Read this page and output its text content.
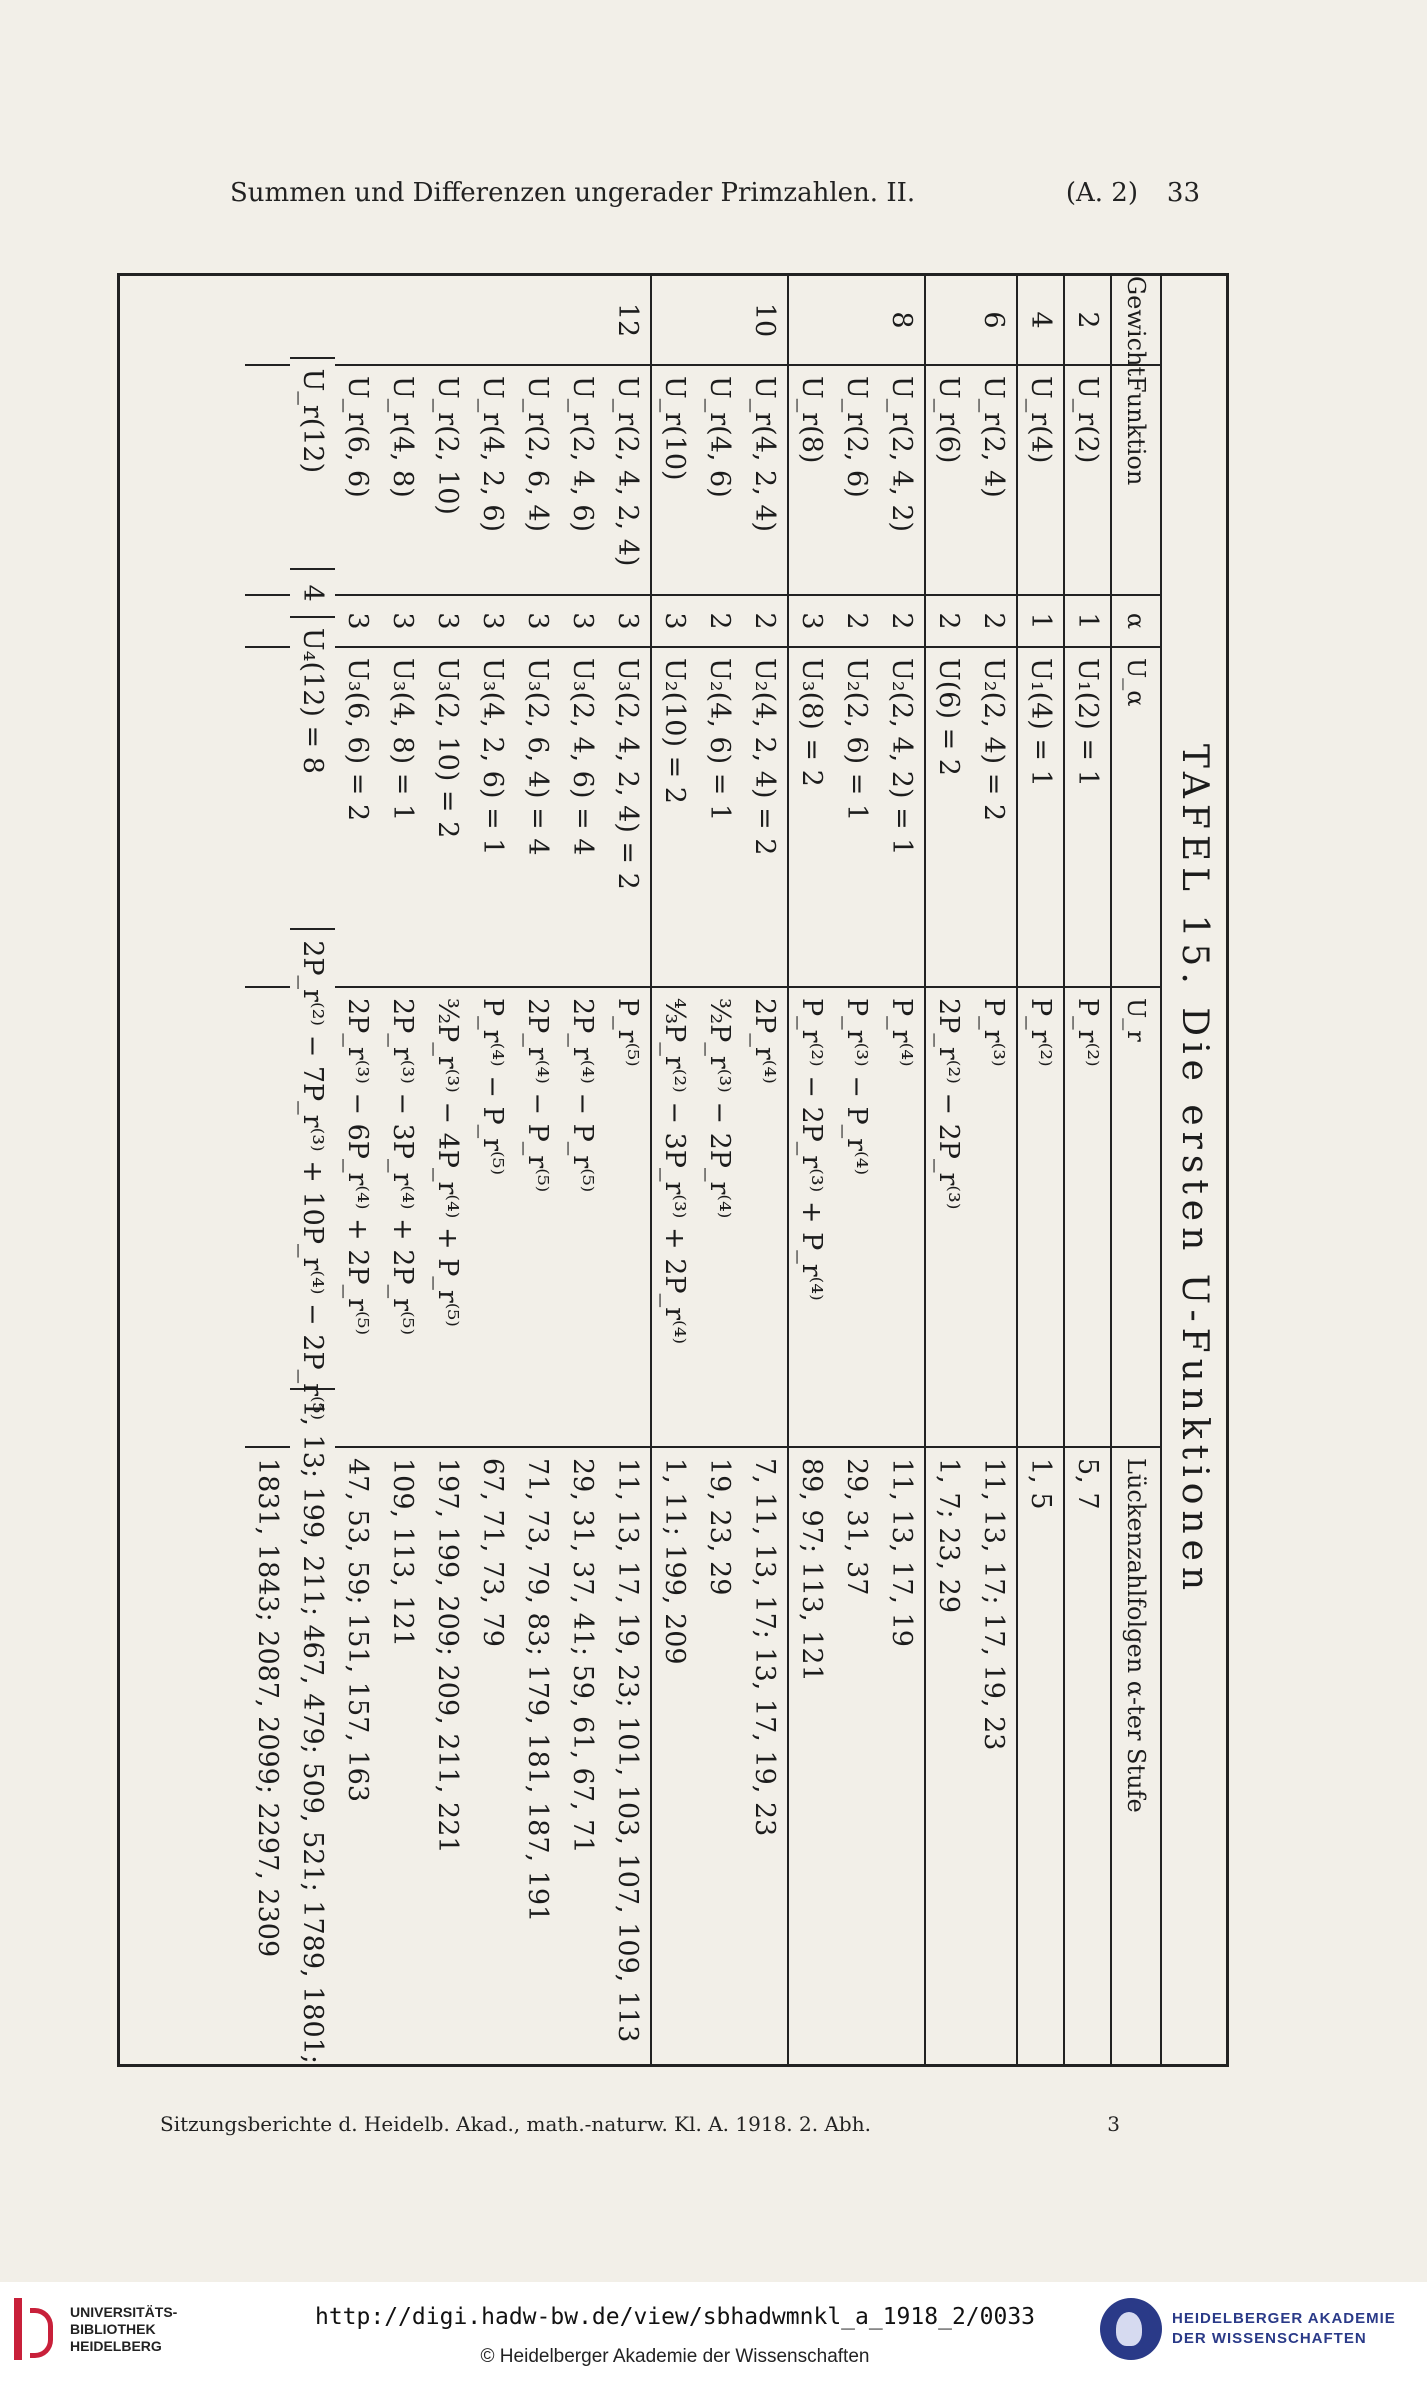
Summen und Differenzen ungerader Primzahlen. II.	(A. 2) 33
TAFEL 15. Die ersten U-Funktionen
Gewicht
Funktion
α
U_α
U_r
Lückenzahlfolgen α-ter Stufe
2
U_r(2)
1
U₁(2) = 1
P_r⁽²⁾
5, 7
4
U_r(4)
1
U₁(4) = 1
P_r⁽²⁾
1, 5
6
U_r(2, 4)
2
U₂(2, 4) = 2
P_r⁽³⁾
11, 13, 17; 17, 19, 23
U_r(6)
2
U(6) = 2
2P_r⁽²⁾ − 2P_r⁽³⁾
1, 7; 23, 29
8
U_r(2, 4, 2)
2
U₂(2, 4, 2) = 1
P_r⁽⁴⁾
11, 13, 17, 19
U_r(2, 6)
2
U₂(2, 6) = 1
P_r⁽³⁾ − P_r⁽⁴⁾
29, 31, 37
U_r(8)
3
U₃(8) = 2
P_r⁽²⁾ − 2P_r⁽³⁾ + P_r⁽⁴⁾
89, 97; 113, 121
10
U_r(4, 2, 4)
2
U₂(4, 2, 4) = 2
2P_r⁽⁴⁾
7, 11, 13, 17; 13, 17, 19, 23
U_r(4, 6)
2
U₂(4, 6) = 1
³⁄₂P_r⁽³⁾ − 2P_r⁽⁴⁾
19, 23, 29
U_r(10)
3
U₂(10) = 2
⁴⁄₃P_r⁽²⁾ − 3P_r⁽³⁾ + 2P_r⁽⁴⁾
1, 11; 199, 209
12
U_r(2, 4, 2, 4)
3
U₃(2, 4, 2, 4) = 2
P_r⁽⁵⁾
11, 13, 17, 19, 23; 101, 103, 107, 109, 113
U_r(2, 4, 6)
3
U₃(2, 4, 6) = 4
2P_r⁽⁴⁾ − P_r⁽⁵⁾
29, 31, 37, 41; 59, 61, 67, 71
U_r(2, 6, 4)
3
U₃(2, 6, 4) = 4
2P_r⁽⁴⁾ − P_r⁽⁵⁾
71, 73, 79, 83; 179, 181, 187, 191
U_r(4, 2, 6)
3
U₃(4, 2, 6) = 1
P_r⁽⁴⁾ − P_r⁽⁵⁾
67, 71, 73, 79
U_r(2, 10)
3
U₃(2, 10) = 2
³⁄₂P_r⁽³⁾ − 4P_r⁽⁴⁾ + P_r⁽⁵⁾
197, 199, 209; 209, 211, 221
U_r(4, 8)
3
U₃(4, 8) = 1
2P_r⁽³⁾ − 3P_r⁽⁴⁾ + 2P_r⁽⁵⁾
109, 113, 121
U_r(6, 6)
3
U₃(6, 6) = 2
2P_r⁽³⁾ − 6P_r⁽⁴⁾ + 2P_r⁽⁵⁾
47, 53, 59; 151, 157, 163
U_r(12)
4
U₄(12) = 8
2P_r⁽²⁾ − 7P_r⁽³⁾ + 10P_r⁽⁴⁾ − 2P_r⁽⁵⁾
1, 13; 199, 211; 467, 479; 509, 521; 1789, 1801;
1831, 1843; 2087, 2099; 2297, 2309
Sitzungsberichte d. Heidelb. Akad., math.-naturw. Kl. A. 1918. 2. Abh.	3
UNIVERSITÄTS-
BIBLIOTHEK
HEIDELBERG
http://digi.hadw-bw.de/view/sbhadwmnkl_a_1918_2/0033
© Heidelberger Akademie der Wissenschaften
HEIDELBERGER AKADEMIE
DER WISSENSCHAFTEN
